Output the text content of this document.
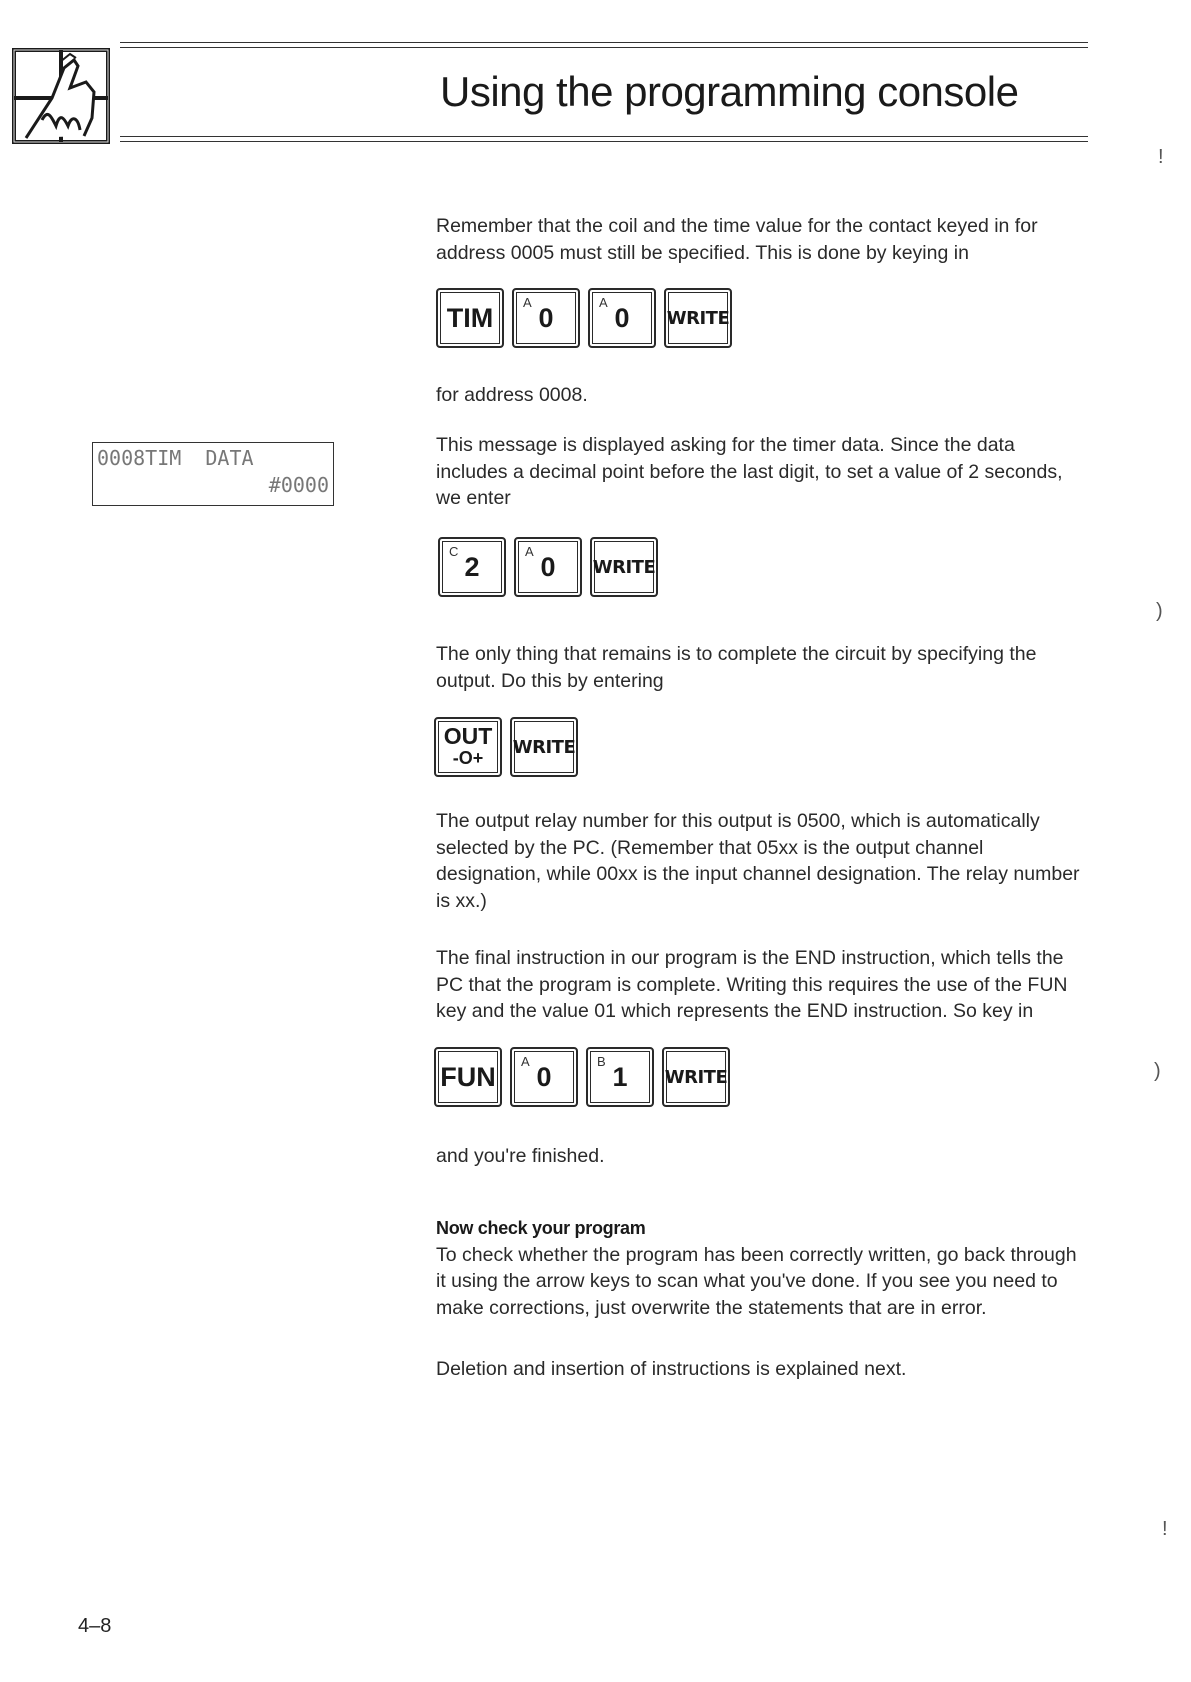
Using the programming console

Remember that the coil and the time value for the contact keyed in for address 0005 must still be specified. This is done by keying in

TIM A 0	A 0 WRITE

for address 0008.

0008TIM  DATA
#0000

This message is displayed asking for the timer data. Since the data includes a decimal point before the last digit, to set a value of 2 seconds, we enter

C 2	A 0 WRITE

The only thing that remains is to complete the circuit by specifying the output. Do this by entering

OUT
-O+
WRITE

The output relay number for this output is 0500, which is automatically selected by the PC. (Remember that 05xx is the output channel designation, while 00xx is the input channel designation. The relay number is xx.)

The final instruction in our program is the END instruction, which tells the PC that the program is complete. Writing this requires the use of the FUN key and the value 01 which represents the END instruction. So key in

FUN A 0	B 1 WRITE

and you're finished.

Now check your program
To check whether the program has been correctly written, go back through it using the arrow keys to scan what you've done. If you see you need to make corrections, just overwrite the statements that are in error.

Deletion and insertion of instructions is explained next.

!
)
)
!
4–8
